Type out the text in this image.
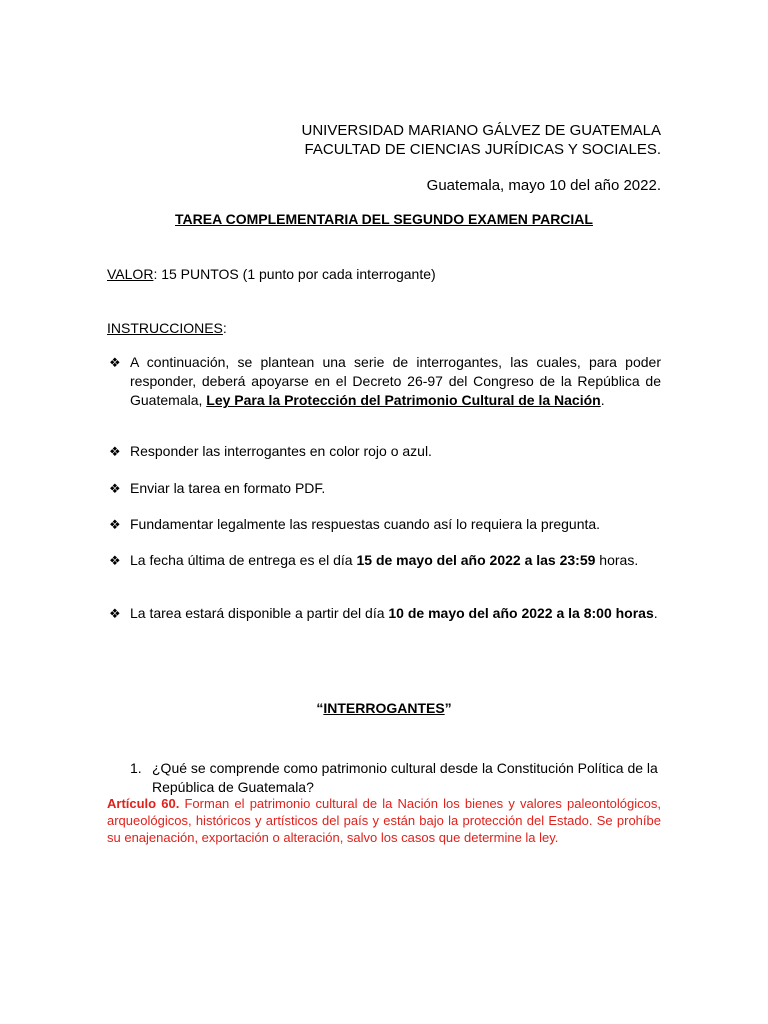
UNIVERSIDAD MARIANO GÁLVEZ DE GUATEMALA
FACULTAD DE CIENCIAS JURÍDICAS Y SOCIALES.
Guatemala, mayo 10 del año 2022.
TAREA COMPLEMENTARIA DEL SEGUNDO EXAMEN PARCIAL
VALOR: 15 PUNTOS (1 punto por cada interrogante)
INSTRUCCIONES:
❖ A continuación, se plantean una serie de interrogantes, las cuales, para poder responder, deberá apoyarse en el Decreto 26-97 del Congreso de la República de Guatemala, Ley Para la Protección del Patrimonio Cultural de la Nación.
❖ Responder las interrogantes en color rojo o azul.
❖ Enviar la tarea en formato PDF.
❖ Fundamentar legalmente las respuestas cuando así lo requiera la pregunta.
❖ La fecha última de entrega es el día 15 de mayo del año 2022 a las 23:59 horas.
❖ La tarea estará disponible a partir del día 10 de mayo del año 2022 a la 8:00 horas.
“INTERROGANTES”
1. ¿Qué se comprende como patrimonio cultural desde la Constitución Política de la República de Guatemala?
Artículo 60. Forman el patrimonio cultural de la Nación los bienes y valores paleontológicos, arqueológicos, históricos y artísticos del país y están bajo la protección del Estado. Se prohíbe su enajenación, exportación o alteración, salvo los casos que determine la ley.
